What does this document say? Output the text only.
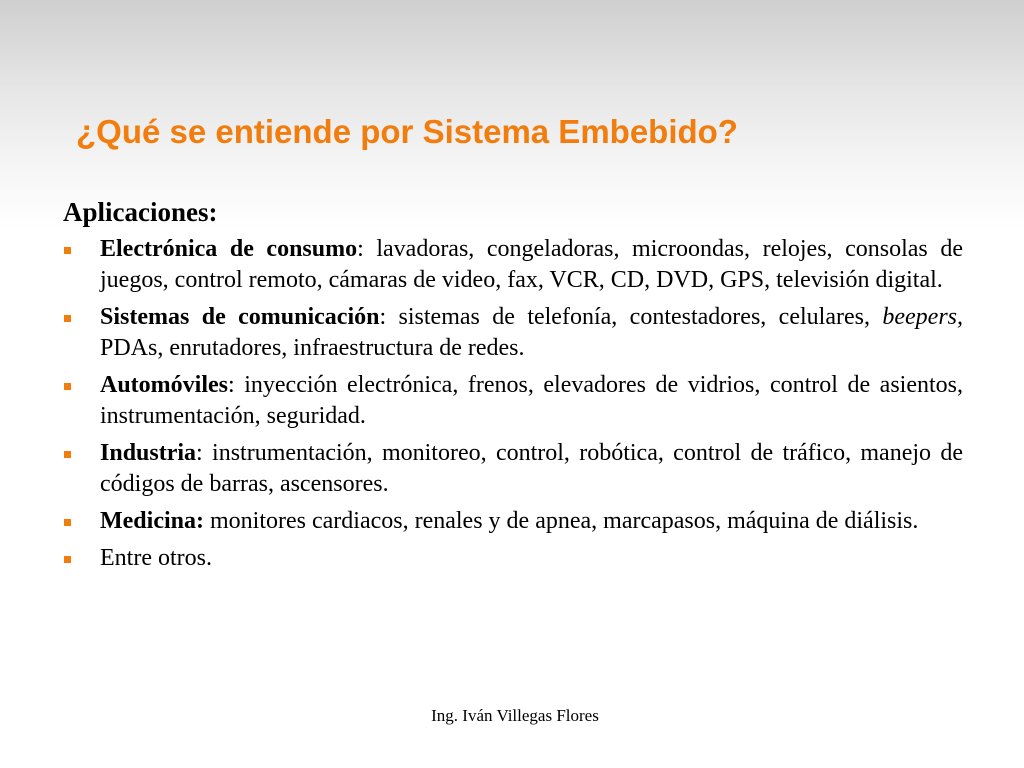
¿Qué se entiende por Sistema Embebido?
Aplicaciones:
Electrónica de consumo: lavadoras, congeladoras, microondas, relojes, consolas de juegos, control remoto, cámaras de video, fax, VCR, CD, DVD, GPS, televisión digital.
Sistemas de comunicación: sistemas de telefonía, contestadores, celulares, beepers, PDAs, enrutadores, infraestructura de redes.
Automóviles: inyección electrónica, frenos, elevadores de vidrios, control de asientos, instrumentación, seguridad.
Industria: instrumentación, monitoreo, control, robótica, control de tráfico, manejo de códigos de barras, ascensores.
Medicina: monitores cardiacos, renales y de apnea, marcapasos, máquina de diálisis.
Entre otros.
Ing. Iván Villegas Flores
